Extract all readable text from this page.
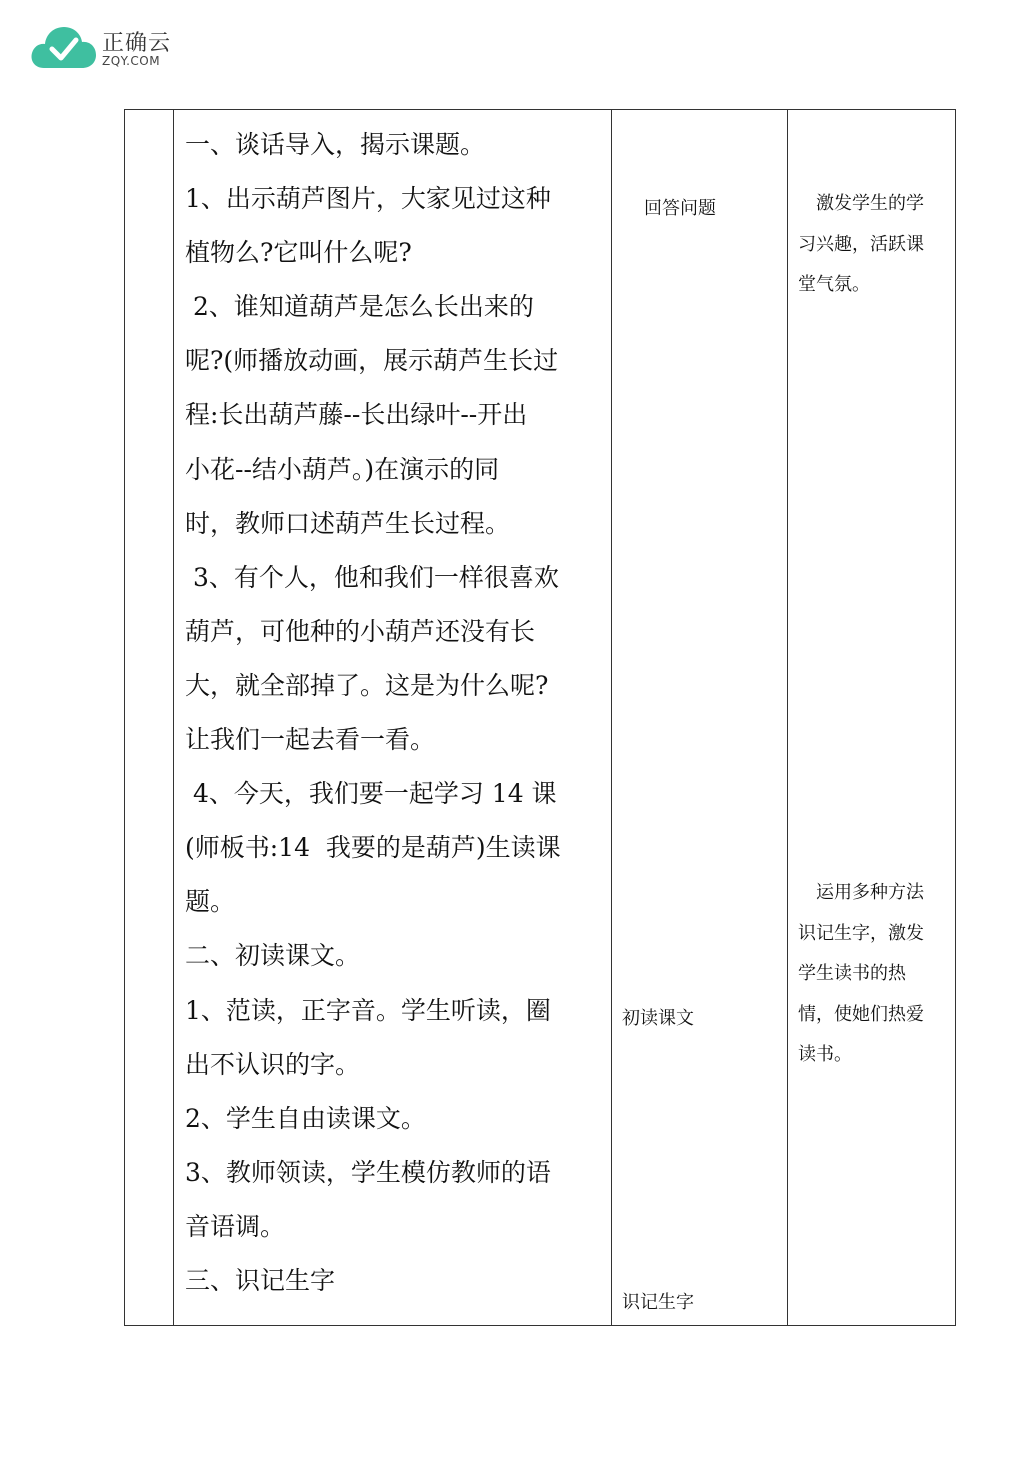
正确云
ZQY.COM
一、谈话导入，揭示课题。
1、出示葫芦图片，大家见过这种
植物么?它叫什么呢?
2、谁知道葫芦是怎么长出来的
呢?(师播放动画，展示葫芦生长过
程:长出葫芦藤--长出绿叶--开出
小花--结小葫芦。)在演示的同
时，教师口述葫芦生长过程。
3、有个人，他和我们一样很喜欢
葫芦，可他种的小葫芦还没有长
大，就全部掉了。这是为什么呢?
让我们一起去看一看。
4、今天，我们要一起学习 14 课
(师板书:14  我要的是葫芦)生读课
题。
二、初读课文。
1、范读，正字音。学生听读，圈
出不认识的字。
2、学生自由读课文。
3、教师领读，学生模仿教师的语
音语调。
三、识记生字
回答问题
初读课文
识记生字
　激发学生的学
习兴趣，活跃课
堂气氛。
　运用多种方法
识记生字，激发
学生读书的热
情，使她们热爱
读书。
